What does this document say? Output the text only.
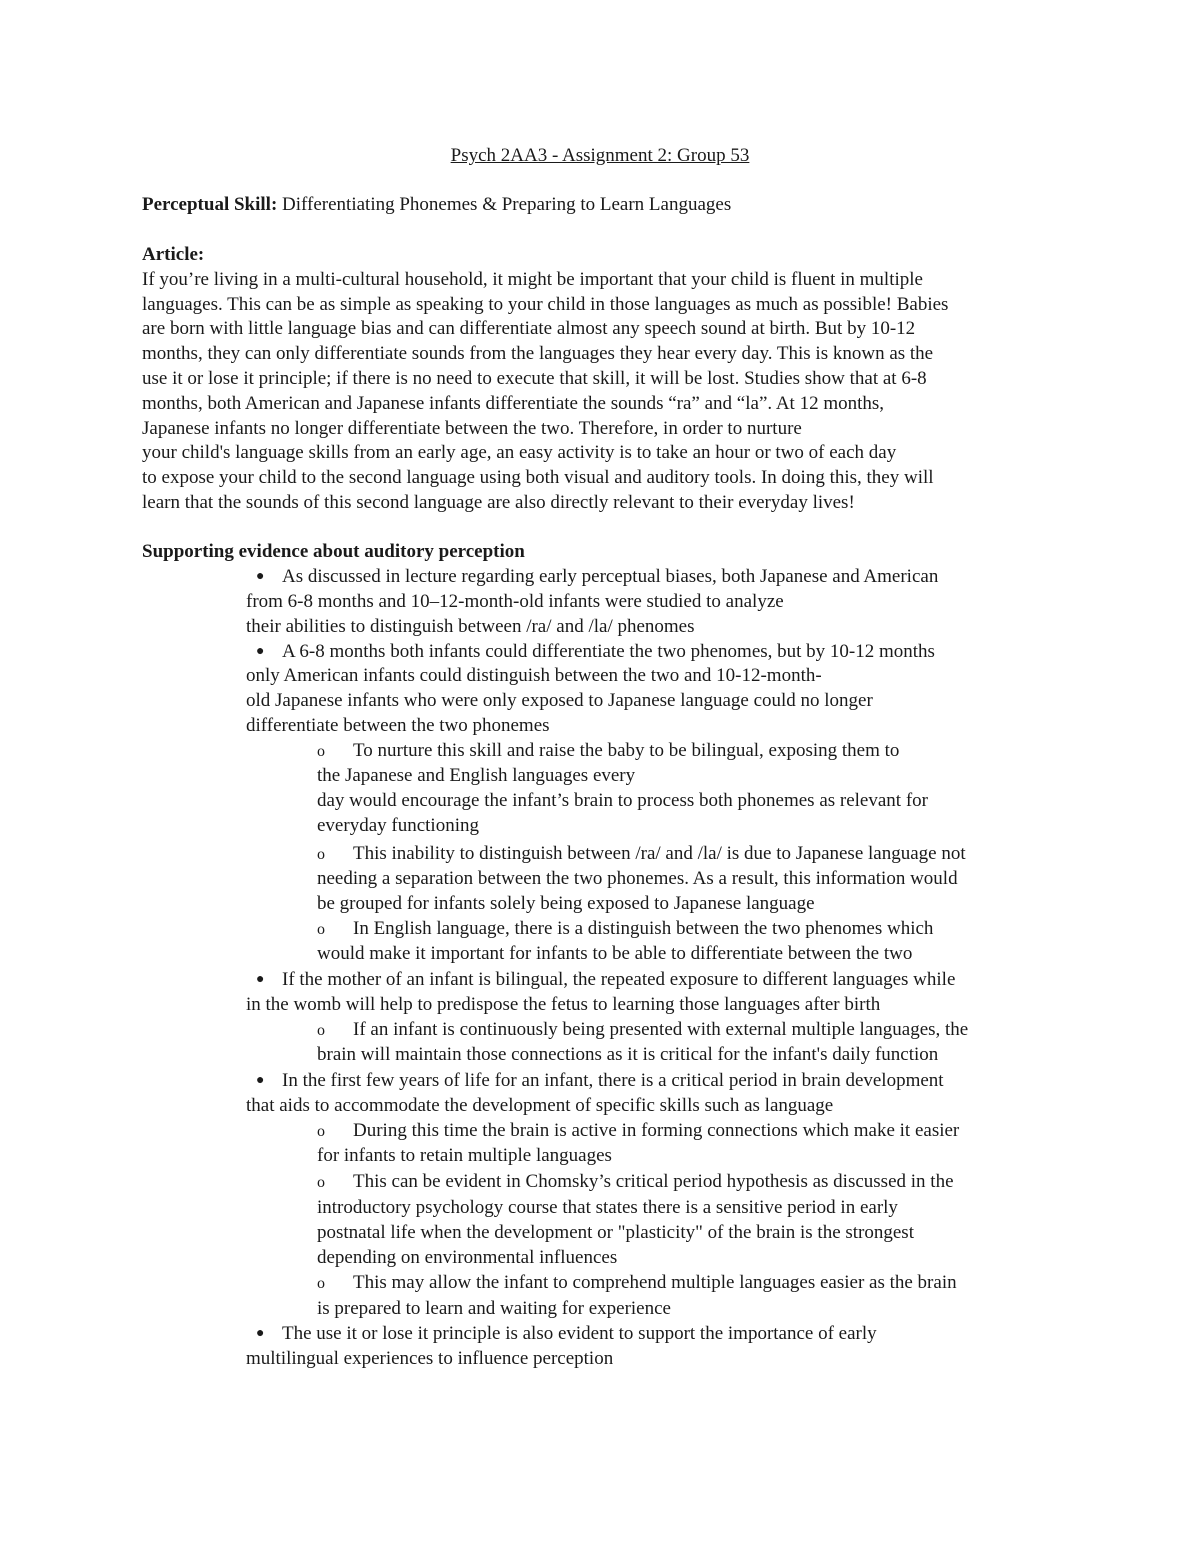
Psych 2AA3 - Assignment 2: Group 53
Perceptual Skill: Differentiating Phonemes & Preparing to Learn Languages
Article:
If you’re living in a multi-cultural household, it might be important that your child is fluent in multiple
languages. This can be as simple as speaking to your child in those languages as much as possible! Babies
are born with little language bias and can differentiate almost any speech sound at birth. But by 10-12
months, they can only differentiate sounds from the languages they hear every day. This is known as the
use it or lose it principle; if there is no need to execute that skill, it will be lost. Studies show that at 6-8
months, both American and Japanese infants differentiate the sounds “ra” and “la”. At 12 months,
Japanese infants no longer differentiate between the two. Therefore, in order to nurture
your child's language skills from an early age, an easy activity is to take an hour or two of each day
to expose your child to the second language using both visual and auditory tools. In doing this, they will
learn that the sounds of this second language are also directly relevant to their everyday lives!
Supporting evidence about auditory perception
● As discussed in lecture regarding early perceptual biases, both Japanese and American
from 6-8 months and 10–12-month-old infants were studied to analyze
their abilities to distinguish between /ra/ and /la/ phenomes
● A 6-8 months both infants could differentiate the two phenomes, but by 10-12 months
only American infants could distinguish between the two and 10-12-month-
old Japanese infants who were only exposed to Japanese language could no longer
differentiate between the two phonemes
o To nurture this skill and raise the baby to be bilingual, exposing them to
the Japanese and English languages every
day would encourage the infant’s brain to process both phonemes as relevant for
everyday functioning
o This inability to distinguish between /ra/ and /la/ is due to Japanese language not
needing a separation between the two phonemes. As a result, this information would
be grouped for infants solely being exposed to Japanese language
o In English language, there is a distinguish between the two phenomes which
would make it important for infants to be able to differentiate between the two
● If the mother of an infant is bilingual, the repeated exposure to different languages while
in the womb will help to predispose the fetus to learning those languages after birth
o If an infant is continuously being presented with external multiple languages, the
brain will maintain those connections as it is critical for the infant's daily function
● In the first few years of life for an infant, there is a critical period in brain development
that aids to accommodate the development of specific skills such as language
o During this time the brain is active in forming connections which make it easier
for infants to retain multiple languages
o This can be evident in Chomsky’s critical period hypothesis as discussed in the
introductory psychology course that states there is a sensitive period in early
postnatal life when the development or "plasticity" of the brain is the strongest
depending on environmental influences
o This may allow the infant to comprehend multiple languages easier as the brain
is prepared to learn and waiting for experience
● The use it or lose it principle is also evident to support the importance of early
multilingual experiences to influence perception
